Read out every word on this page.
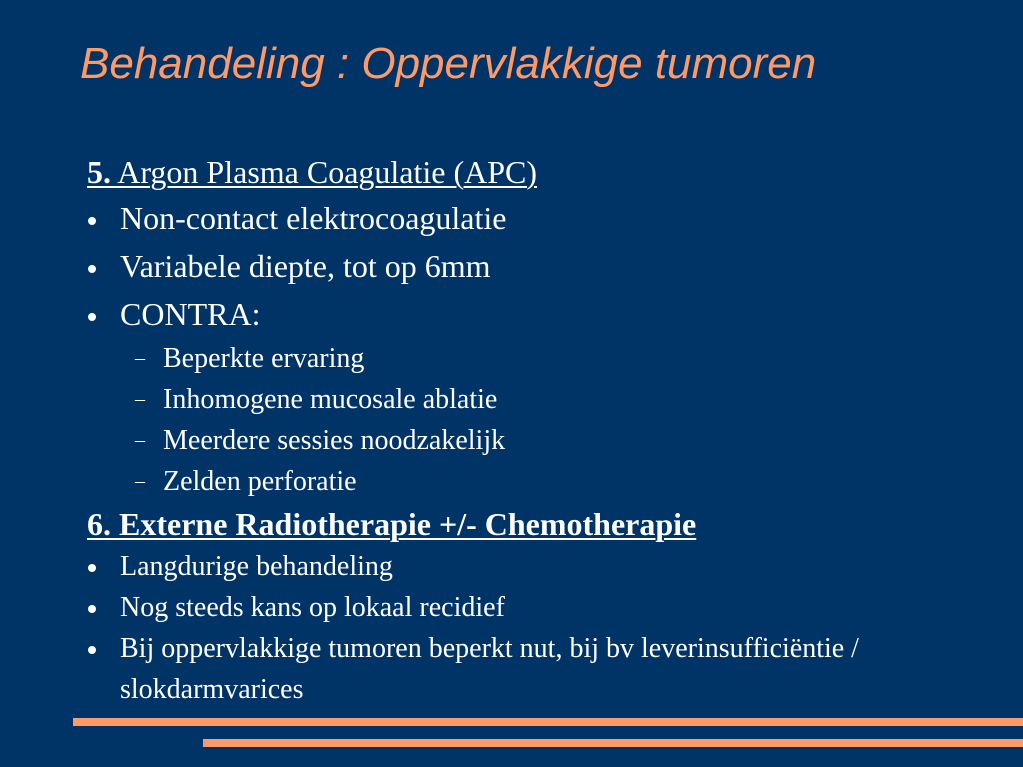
Behandeling : Oppervlakkige tumoren
5. Argon Plasma Coagulatie (APC)
Non-contact elektrocoagulatie
Variabele diepte, tot op 6mm
CONTRA:
– Beperkte ervaring
– Inhomogene mucosale ablatie
– Meerdere sessies noodzakelijk
– Zelden perforatie
6. Externe Radiotherapie +/- Chemotherapie
Langdurige behandeling
Nog steeds kans op lokaal recidief
Bij oppervlakkige tumoren beperkt nut, bij bv leverinsufficiëntie / slokdarmvarices
